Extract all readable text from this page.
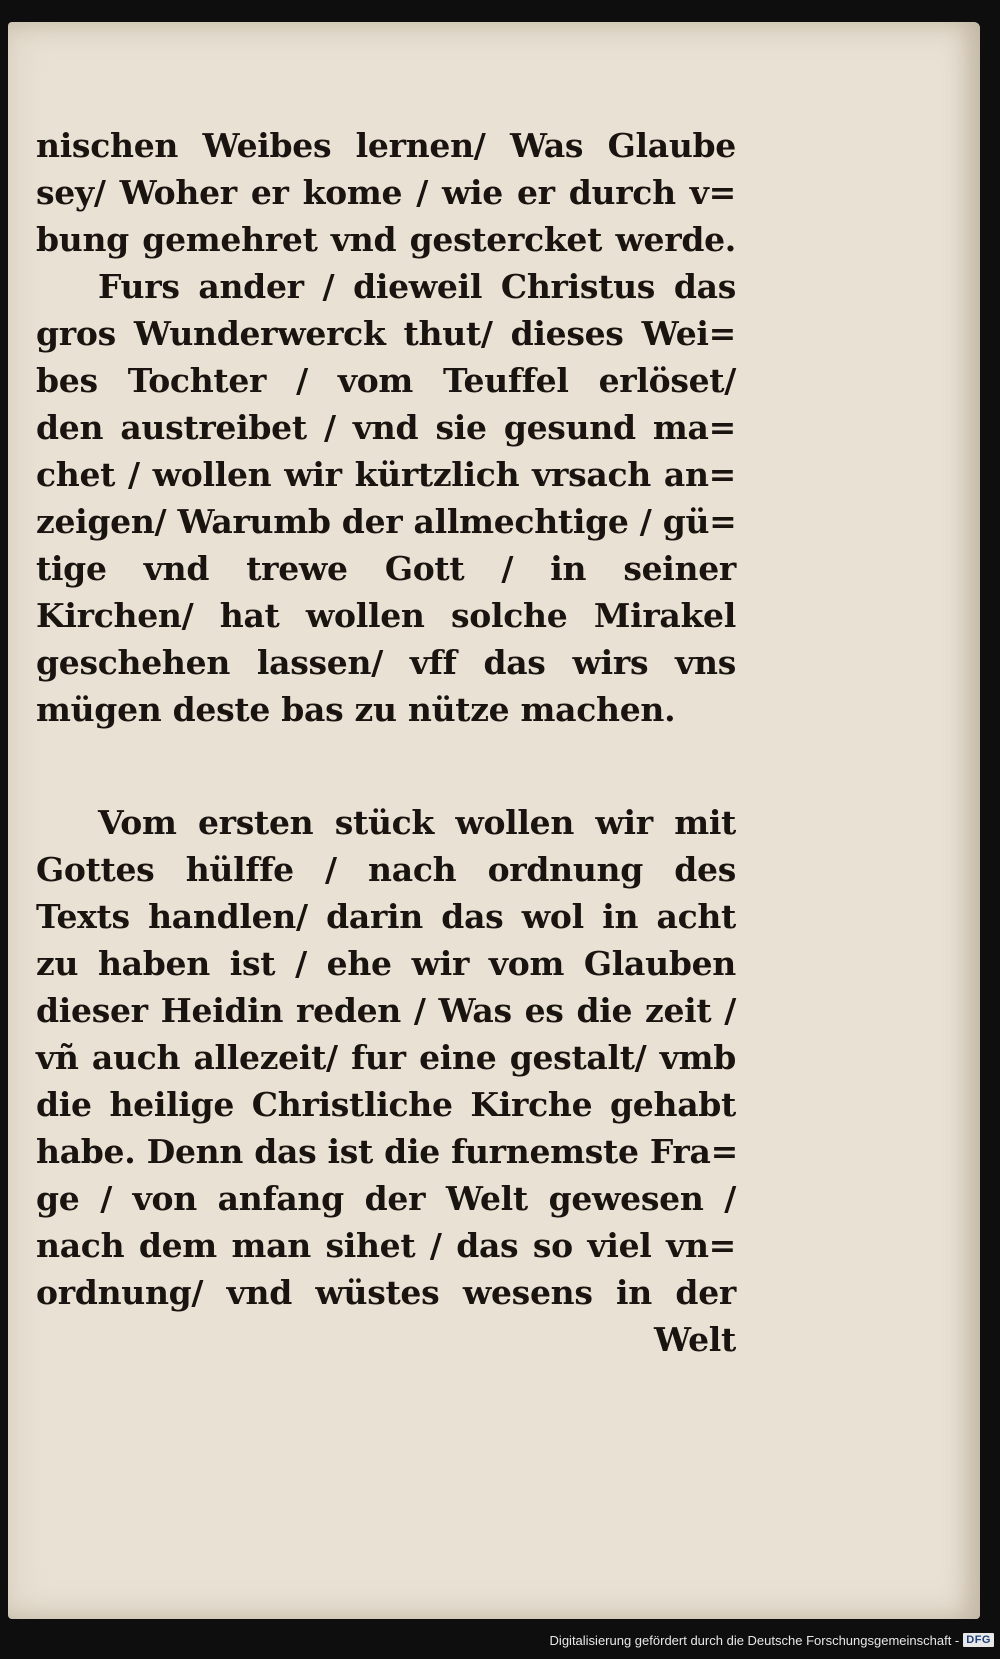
nischen Weibes lernen/ Was Glaube
sey/ Woher er kome / wie er durch v=
bung gemehret vnd gestercket werde.
Furs ander / dieweil Christus das
gros Wunderwerck thut/ dieses Wei=
bes Tochter / vom Teuffel erlöset/
den austreibet / vnd sie gesund ma=
chet / wollen wir kürtzlich vrsach an=
zeigen/ Warumb der allmechtige / gü=
tige vnd trewe Gott / in seiner
Kirchen/ hat wollen solche Mirakel
geschehen lassen/ vff das wirs vns
mügen deste bas zu nütze machen.
Vom ersten stück wollen wir mit
Gottes hülffe / nach ordnung des
Texts handlen/ darin das wol in acht
zu haben ist / ehe wir vom Glauben
dieser Heidin reden / Was es die zeit /
vñ auch allezeit/ fur eine gestalt/ vmb
die heilige Christliche Kirche gehabt
habe. Denn das ist die furnemste Fra=
ge / von anfang der Welt gewesen /
nach dem man sihet / das so viel vn=
ordnung/ vnd wüstes wesens in der
Welt
Digitalisierung gefördert durch die Deutsche Forschungsgemeinschaft - DFG
